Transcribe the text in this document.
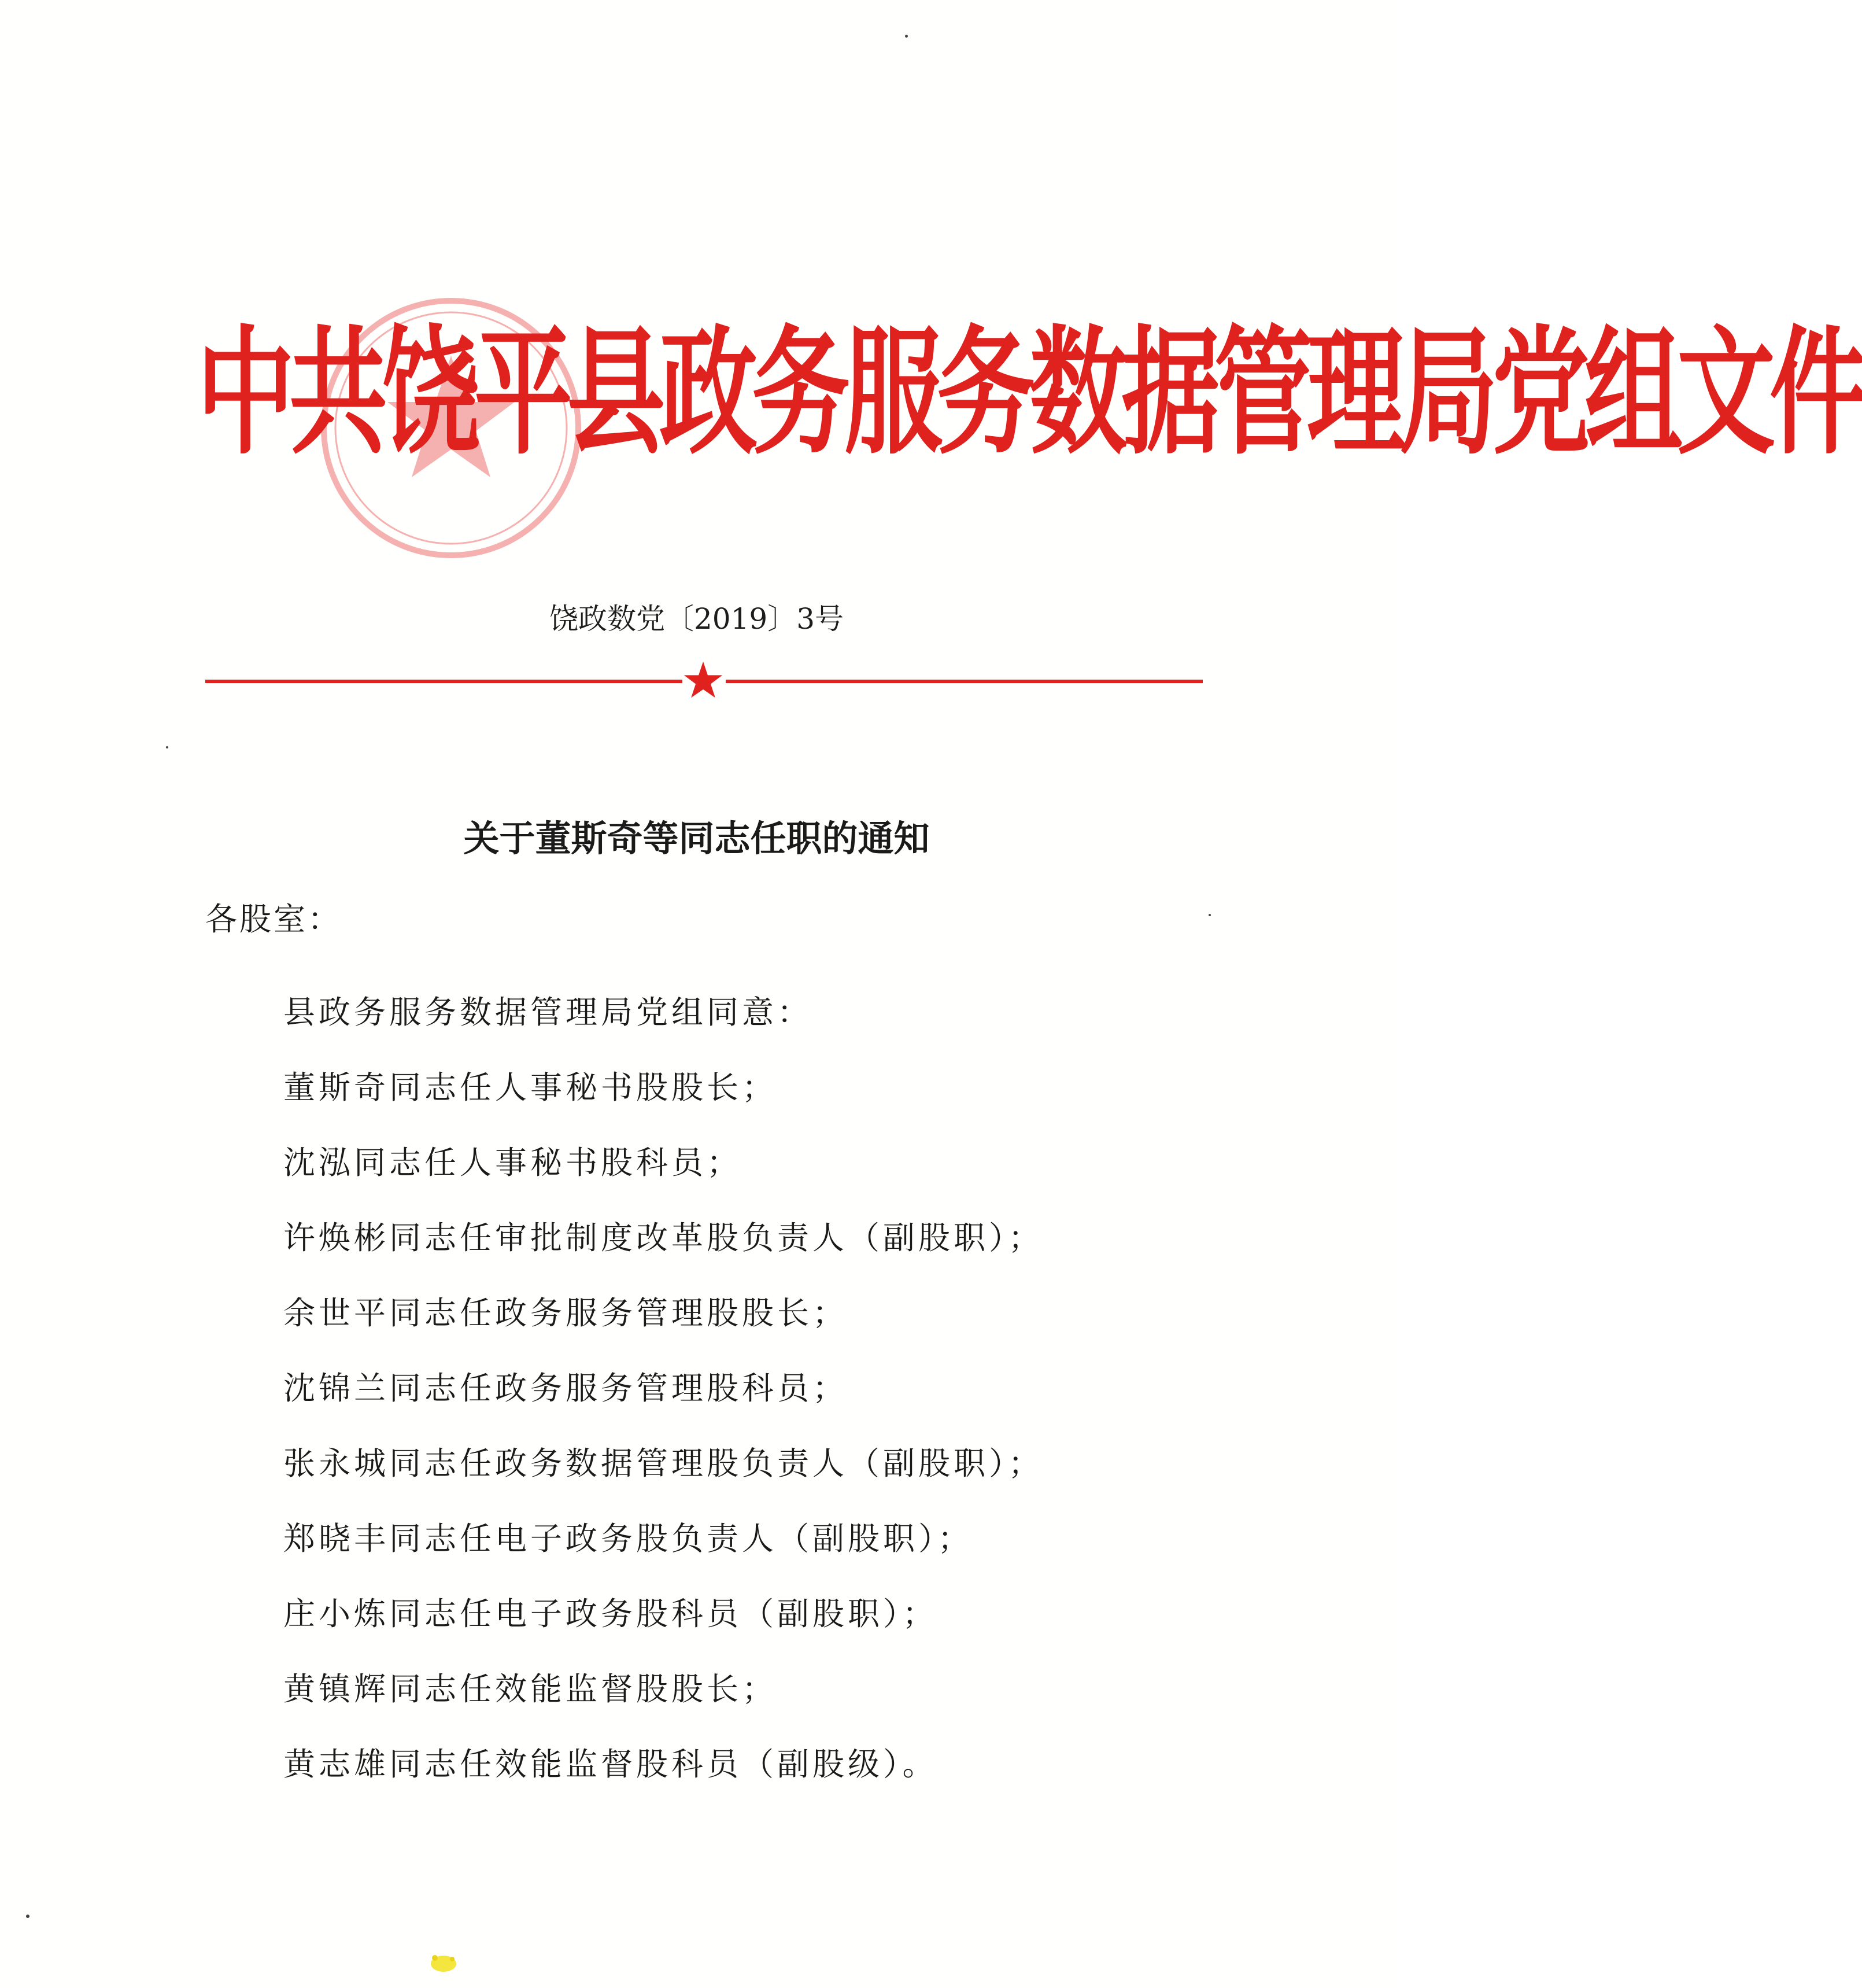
中共饶平县政务服务数据管理局党组文件
饶政数党〔2019〕3号
关于董斯奇等同志任职的通知
各股室：
县政务服务数据管理局党组同意：
董斯奇同志任人事秘书股股长；
沈泓同志任人事秘书股科员；
许焕彬同志任审批制度改革股负责人（副股职）；
余世平同志任政务服务管理股股长；
沈锦兰同志任政务服务管理股科员；
张永城同志任政务数据管理股负责人（副股职）；
郑晓丰同志任电子政务股负责人（副股职）；
庄小炼同志任电子政务股科员（副股职）；
黄镇辉同志任效能监督股股长；
黄志雄同志任效能监督股科员（副股级）。
